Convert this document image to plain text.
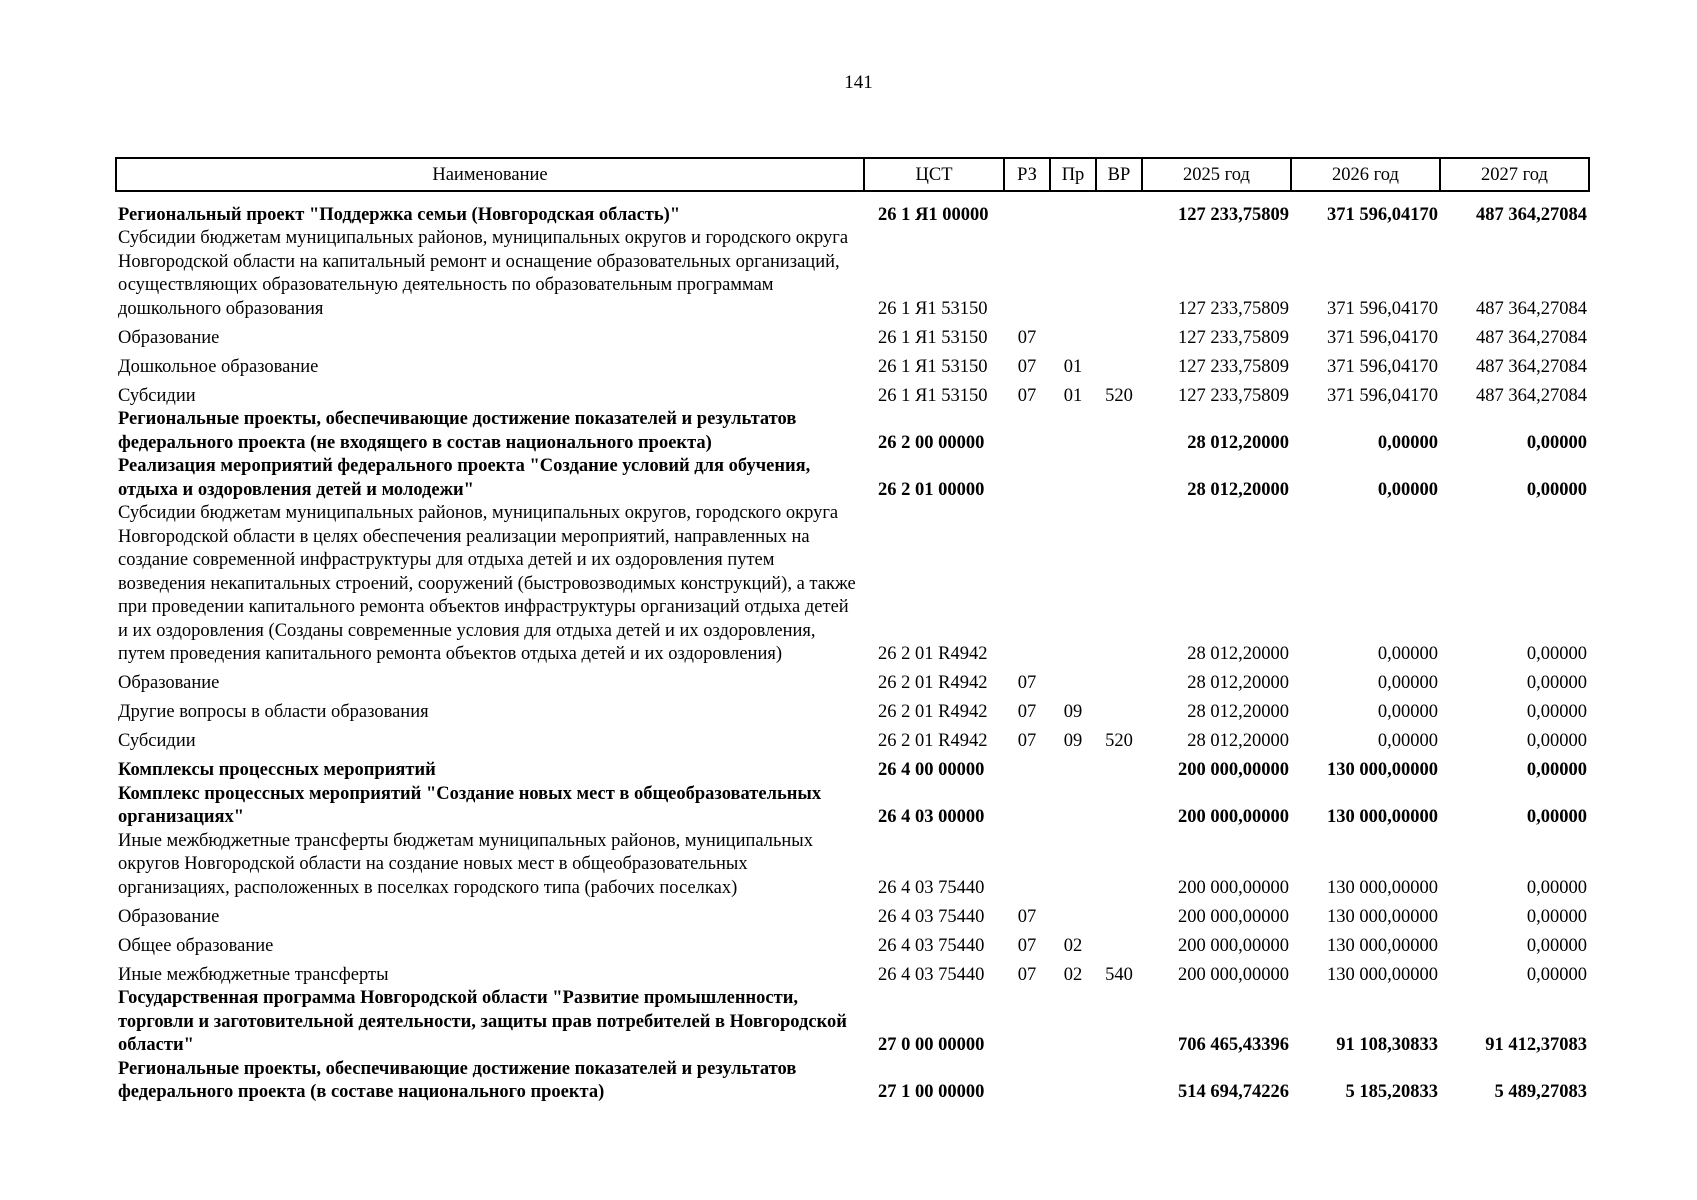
141
Наименование	ЦСТ	РЗ	Пр	ВР	2025 год	2026 год	2027 год
Региональный проект "Поддержка семьи (Новгородская область)"	26 1 Я1 00000				127 233,75809	371 596,04170	487 364,27084
Субсидии бюджетам муниципальных районов, муниципальных округов и городского округа Новгородской области на капитальный ремонт и оснащение образовательных организаций, осуществляющих образовательную деятельность по образовательным программам дошкольного образования	26 1 Я1 53150				127 233,75809	371 596,04170	487 364,27084
Образование	26 1 Я1 53150	07			127 233,75809	371 596,04170	487 364,27084
Дошкольное образование	26 1 Я1 53150	07	01		127 233,75809	371 596,04170	487 364,27084
Субсидии	26 1 Я1 53150	07	01	520	127 233,75809	371 596,04170	487 364,27084
Региональные проекты, обеспечивающие достижение показателей и результатов федерального проекта (не входящего в состав национального проекта)	26 2 00 00000				28 012,20000	0,00000	0,00000
Реализация мероприятий федерального проекта "Создание условий для обучения, отдыха и оздоровления детей и молодежи"	26 2 01 00000				28 012,20000	0,00000	0,00000
Субсидии бюджетам муниципальных районов, муниципальных округов, городского округа Новгородской области в целях обеспечения реализации мероприятий, направленных на создание современной инфраструктуры для отдыха детей и их оздоровления путем возведения некапитальных строений, сооружений (быстровозводимых конструкций), а также при проведении капитального ремонта объектов инфраструктуры организаций отдыха детей и их оздоровления (Созданы современные условия для отдыха детей и их оздоровления, путем проведения капитального ремонта объектов отдыха детей и их оздоровления)	26 2 01 R4942				28 012,20000	0,00000	0,00000
Образование	26 2 01 R4942	07			28 012,20000	0,00000	0,00000
Другие вопросы в области образования	26 2 01 R4942	07	09		28 012,20000	0,00000	0,00000
Субсидии	26 2 01 R4942	07	09	520	28 012,20000	0,00000	0,00000
Комплексы процессных мероприятий	26 4 00 00000				200 000,00000	130 000,00000	0,00000
Комплекс процессных мероприятий "Создание новых мест в общеобразовательных организациях"	26 4 03 00000				200 000,00000	130 000,00000	0,00000
Иные межбюджетные трансферты бюджетам муниципальных районов, муниципальных округов Новгородской области на создание новых мест в общеобразовательных организациях, расположенных в поселках городского типа (рабочих поселках)	26 4 03 75440				200 000,00000	130 000,00000	0,00000
Образование	26 4 03 75440	07			200 000,00000	130 000,00000	0,00000
Общее образование	26 4 03 75440	07	02		200 000,00000	130 000,00000	0,00000
Иные межбюджетные трансферты	26 4 03 75440	07	02	540	200 000,00000	130 000,00000	0,00000
Государственная программа Новгородской области "Развитие промышленности, торговли и заготовительной деятельности, защиты прав потребителей в Новгородской области"	27 0 00 00000				706 465,43396	91 108,30833	91 412,37083
Региональные проекты, обеспечивающие достижение показателей и результатов федерального проекта (в составе национального проекта)	27 1 00 00000				514 694,74226	5 185,20833	5 489,27083
